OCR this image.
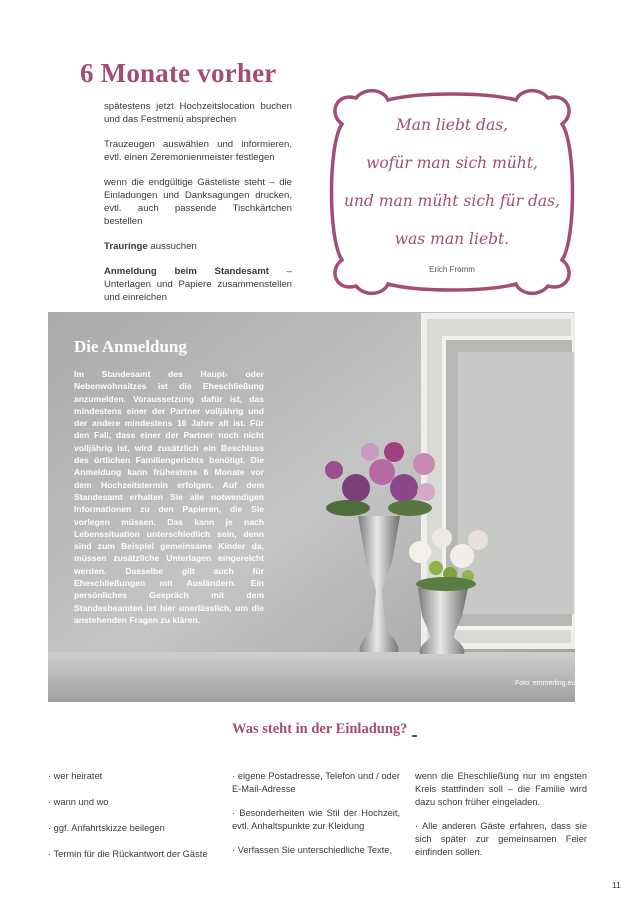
6 Monate vorher

spätestens jetzt Hochzeitslocation buchen und das Festmenü absprechen

Trauzeugen auswählen und informieren, evtl. einen Zeremonienmeister festlegen

wenn die endgültige Gästeliste steht – die Einladungen und Danksagungen drucken, evtl. auch passende Tischkärtchen bestellen

Trauringe aussuchen

Anmeldung beim Standesamt – Unterlagen und Papiere zusammenstellen und einreichen

Man liebt das,
wofür man sich müht,
und man müht sich für das,
was man liebt.
Erich Fromm
Die Anmeldung
Im Standesamt des Haupt- oder Nebenwohnsitzes ist die Eheschließung anzumelden. Voraussetzung dafür ist, das mindestens einer der Partner volljährig und der andere mindestens 16 Jahre alt ist. Für den Fall, dass einer der Partner noch nicht volljährig ist, wird zusätzlich ein Beschluss des örtlichen Familiengerichts benötigt. Die Anmeldung kann frühestens 6 Monate vor dem Hochzeitstermin erfolgen. Auf dem Standesamt erhalten Sie alle notwendigen Informationen zu den Papieren, die Sie vorlegen müssen. Das kann je nach Lebenssituation unterschiedlich sein, denn sind zum Beispiel gemeinsame Kinder da, müssen zusätzliche Unterlagen eingereicht werden. Dasselbe gilt auch für Eheschließungen mit Ausländern. Ein persönliches Gespräch mit dem Standesbeamten ist hier unerlässlich, um die anstehenden Fragen zu klären.
Foto: emmerling.eu
Was steht in der Einladung?

· wer heiratet

· wann und wo

· ggf. Anfahrtskizze beilegen

· Termin für die Rückantwort der Gäste

· eigene Postadresse, Telefon und / oder E-Mail-Adresse

· Besonderheiten wie Stil der Hochzeit, evtl. Anhaltspunkte zur Kleidung

· Verfassen Sie unterschiedliche Texte,

wenn die Eheschließung nur im engsten Kreis stattfinden soll – die Familie wird dazu schon früher eingeladen.

· Alle anderen Gäste erfahren, dass sie sich später zur gemeinsamen Feier einfinden sollen.

11
